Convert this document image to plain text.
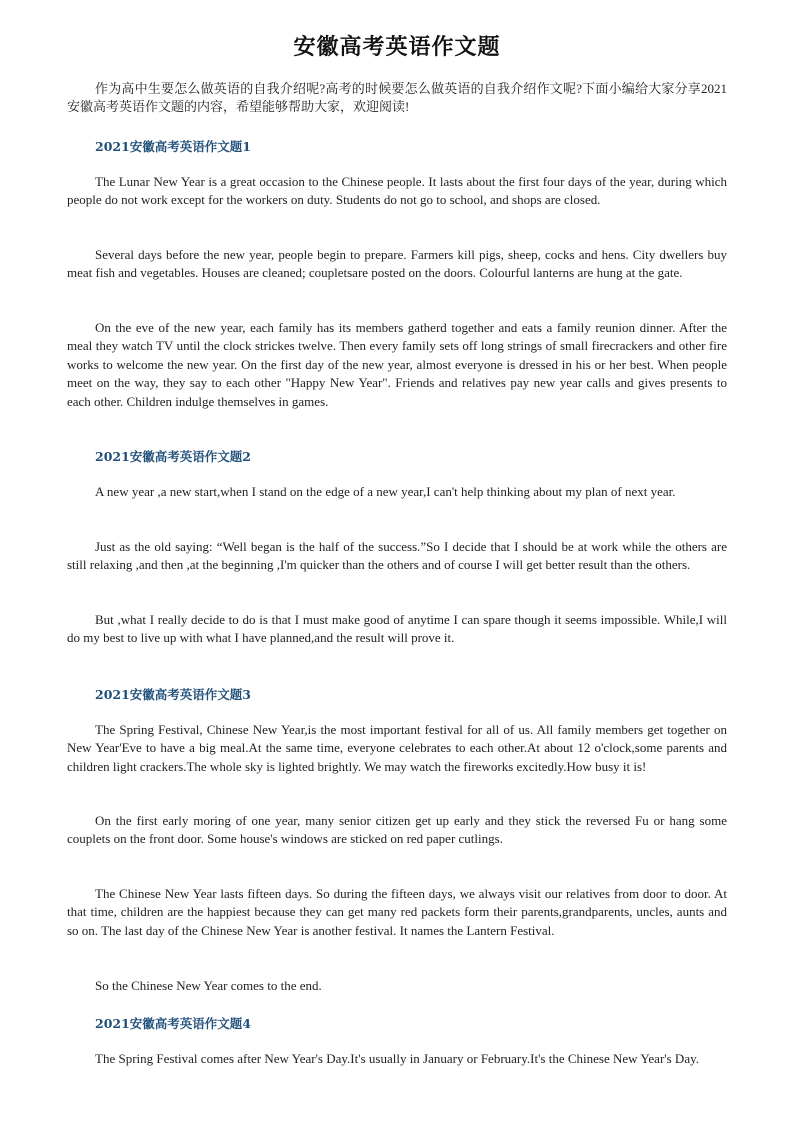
安徽高考英语作文题

作为高中生要怎么做英语的自我介绍呢?高考的时候要怎么做英语的自我介绍作文呢?下面小编给大家分享2021安徽高考英语作文题的内容，希望能够帮助大家，欢迎阅读!

2021安徽高考英语作文题1

The Lunar New Year is a great occasion to the Chinese people. It lasts about the first four days of the year, during which people do not work except for the workers on duty. Students do not go to school, and shops are closed.

Several days before the new year, people begin to prepare. Farmers kill pigs, sheep, cocks and hens. City dwellers buy meat fish and vegetables. Houses are cleaned; coupletsare posted on the doors. Colourful lanterns are hung at the gate.

On the eve of the new year, each family has its members gatherd together and eats a family reunion dinner. After the meal they watch TV until the clock strickes twelve. Then every family sets off long strings of small firecrackers and other fire works to welcome the new year. On the first day of the new year, almost everyone is dressed in his or her best. When people meet on the way, they say to each other "Happy New Year". Friends and relatives pay new year calls and gives presents to each other. Children indulge themselves in games.

2021安徽高考英语作文题2

A new year ,a new start,when I stand on the edge of a new year,I can't help thinking about my plan of next year.

Just as the old saying: “Well began is the half of the success.”So I decide that I should be at work while the others are still relaxing ,and then ,at the beginning ,I'm quicker than the others and of course I will get better result than the others.

But ,what I really decide to do is that I must make good of anytime I can spare though it seems impossible. While,I will do my best to live up with what I have planned,and the result will prove it.

2021安徽高考英语作文题3

The Spring Festival, Chinese New Year,is the most important festival for all of us. All family members get together on New Year'Eve to have a big meal.At the same time, everyone celebrates to each other.At about 12 o'clock,some parents and children light crackers.The whole sky is lighted brightly. We may watch the fireworks excitedly.How busy it is!

On the first early moring of one year, many senior citizen get up early and they stick the reversed Fu or hang some couplets on the front door. Some house's windows are sticked on red paper cutlings.

The Chinese New Year lasts fifteen days. So during the fifteen days, we always visit our relatives from door to door. At that time, children are the happiest because they can get many red packets form their parents,grandparents, uncles, aunts and so on. The last day of the Chinese New Year is another festival. It names the Lantern Festival.

So the Chinese New Year comes to the end.

2021安徽高考英语作文题4

The Spring Festival comes after New Year's Day.It's usually in January or February.It's the Chinese New Year's Day.
